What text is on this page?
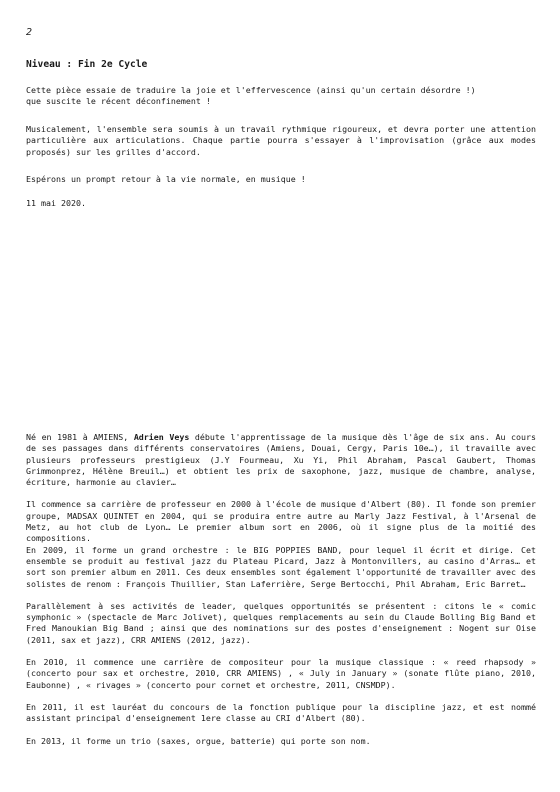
2
Niveau : Fin 2e Cycle
Cette pièce essaie de traduire la joie et l'effervescence (ainsi qu'un certain désordre !)
que suscite le récent déconfinement !
Musicalement, l'ensemble sera soumis à un travail rythmique rigoureux, et devra porter une attention particulière aux articulations. Chaque partie pourra s'essayer à l'improvisation (grâce aux modes proposés) sur les grilles d'accord.
Espérons un prompt retour à la vie normale, en musique !
11 mai 2020.

Né en 1981 à AMIENS, Adrien Veys débute l'apprentissage de la musique dès l'âge de six ans. Au cours de ses passages dans différents conservatoires (Amiens, Douai, Cergy, Paris 10e…), il travaille avec plusieurs professeurs prestigieux (J.Y Fourmeau, Xu Yi, Phil Abraham, Pascal Gaubert, Thomas Grimmonprez, Hélène Breuil…) et obtient les prix de saxophone, jazz, musique de chambre, analyse, écriture, harmonie au clavier…

Il commence sa carrière de professeur en 2000 à l'école de musique d'Albert (80). Il fonde son premier groupe, MADSAX QUINTET en 2004, qui se produira entre autre au Marly Jazz Festival, à l'Arsenal de Metz, au hot club de Lyon… Le premier album sort en 2006, où il signe plus de la moitié des compositions.

En 2009, il forme un grand orchestre : le BIG POPPIES BAND, pour lequel il écrit et dirige. Cet ensemble se produit au festival jazz du Plateau Picard, Jazz à Montonvillers, au casino d'Arras… et sort son premier album en 2011. Ces deux ensembles sont également l'opportunité de travailler avec des solistes de renom : François Thuillier, Stan Laferrière, Serge Bertocchi, Phil Abraham, Eric Barret…

Parallèlement à ses activités de leader, quelques opportunités se présentent : citons le « comic symphonic » (spectacle de Marc Jolivet), quelques remplacements au sein du Claude Bolling Big Band et Fred Manoukian Big Band ; ainsi que des nominations sur des postes d'enseignement : Nogent sur Oise (2011, sax et jazz), CRR AMIENS (2012, jazz).

En 2010, il commence une carrière de compositeur pour la musique classique : « reed rhapsody » (concerto pour sax et orchestre, 2010, CRR AMIENS) , « July in January » (sonate flûte piano, 2010, Eaubonne) , « rivages » (concerto pour cornet et orchestre, 2011, CNSMDP).

En 2011, il est lauréat du concours de la fonction publique pour la discipline jazz, et est nommé assistant principal d'enseignement 1ere classe au CRI d'Albert (80).

En 2013, il forme un trio (saxes, orgue, batterie) qui porte son nom.
